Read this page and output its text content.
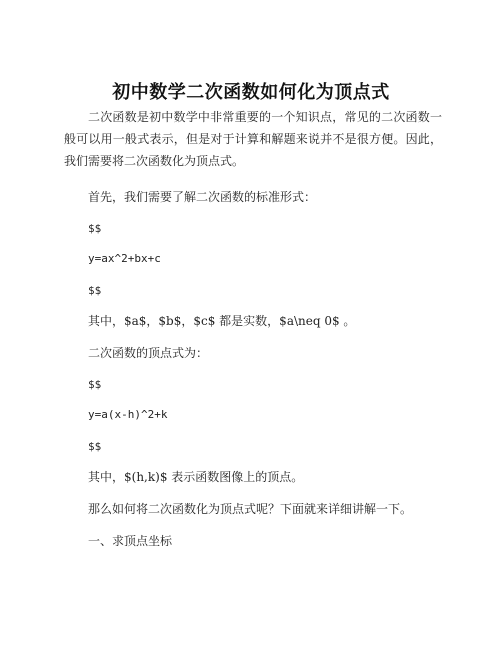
初中数学二次函数如何化为顶点式
二次函数是初中数学中非常重要的一个知识点，常见的二次函数一般可以用一般式表示，但是对于计算和解题来说并不是很方便。因此，我们需要将二次函数化为顶点式。
首先，我们需要了解二次函数的标准形式：
$$
y=ax^2+bx+c
$$
其中，$a$，$b$，$c$ 都是实数，$a\neq 0$ 。
二次函数的顶点式为：
$$
y=a(x-h)^2+k
$$
其中，$(h,k)$ 表示函数图像上的顶点。
那么如何将二次函数化为顶点式呢？下面就来详细讲解一下。
一、求顶点坐标
